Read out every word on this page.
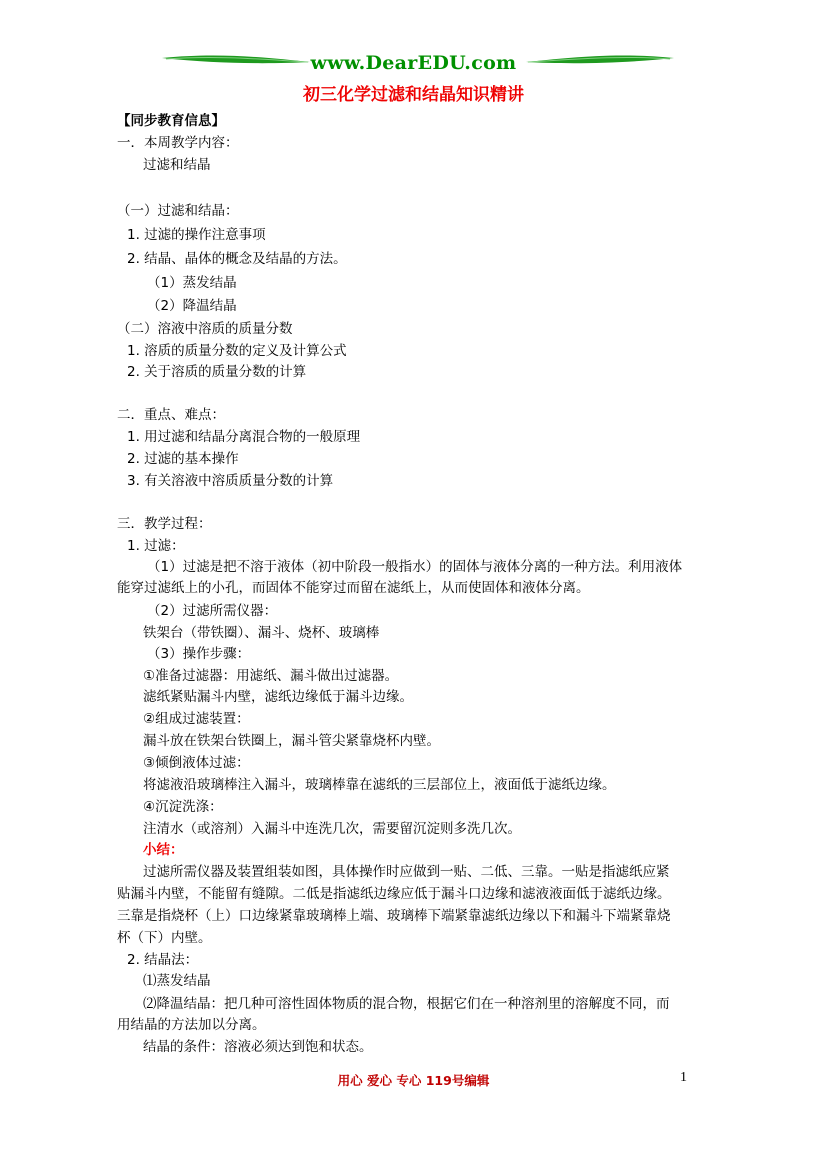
www.DearEDU.com
初三化学过滤和结晶知识精讲
【同步教育信息】
一．本周教学内容：
过滤和结晶
（一）过滤和结晶：
1. 过滤的操作注意事项
2. 结晶、晶体的概念及结晶的方法。
（1）蒸发结晶
（2）降温结晶
（二）溶液中溶质的质量分数
1. 溶质的质量分数的定义及计算公式
2. 关于溶质的质量分数的计算
二．重点、难点：
1. 用过滤和结晶分离混合物的一般原理
2. 过滤的基本操作
3. 有关溶液中溶质质量分数的计算
三．教学过程：
1. 过滤：
（1）过滤是把不溶于液体（初中阶段一般指水）的固体与液体分离的一种方法。利用液体
能穿过滤纸上的小孔，而固体不能穿过而留在滤纸上，从而使固体和液体分离。
（2）过滤所需仪器：
铁架台（带铁圈）、漏斗、烧杯、玻璃棒
（3）操作步骤：
①准备过滤器：用滤纸、漏斗做出过滤器。
滤纸紧贴漏斗内壁，滤纸边缘低于漏斗边缘。
②组成过滤装置：
漏斗放在铁架台铁圈上，漏斗管尖紧靠烧杯内壁。
③倾倒液体过滤：
将滤液沿玻璃棒注入漏斗，玻璃棒靠在滤纸的三层部位上，液面低于滤纸边缘。
④沉淀洗涤：
注清水（或溶剂）入漏斗中连洗几次，需要留沉淀则多洗几次。
小结：
过滤所需仪器及装置组装如图，具体操作时应做到一贴、二低、三靠。一贴是指滤纸应紧
贴漏斗内壁，不能留有缝隙。二低是指滤纸边缘应低于漏斗口边缘和滤液液面低于滤纸边缘。
三靠是指烧杯（上）口边缘紧靠玻璃棒上端、玻璃棒下端紧靠滤纸边缘以下和漏斗下端紧靠烧
杯（下）内壁。
2. 结晶法：
⑴蒸发结晶
⑵降温结晶：把几种可溶性固体物质的混合物，根据它们在一种溶剂里的溶解度不同，而
用结晶的方法加以分离。
结晶的条件：溶液必须达到饱和状态。
用心 爱心 专心 119号编辑	1
